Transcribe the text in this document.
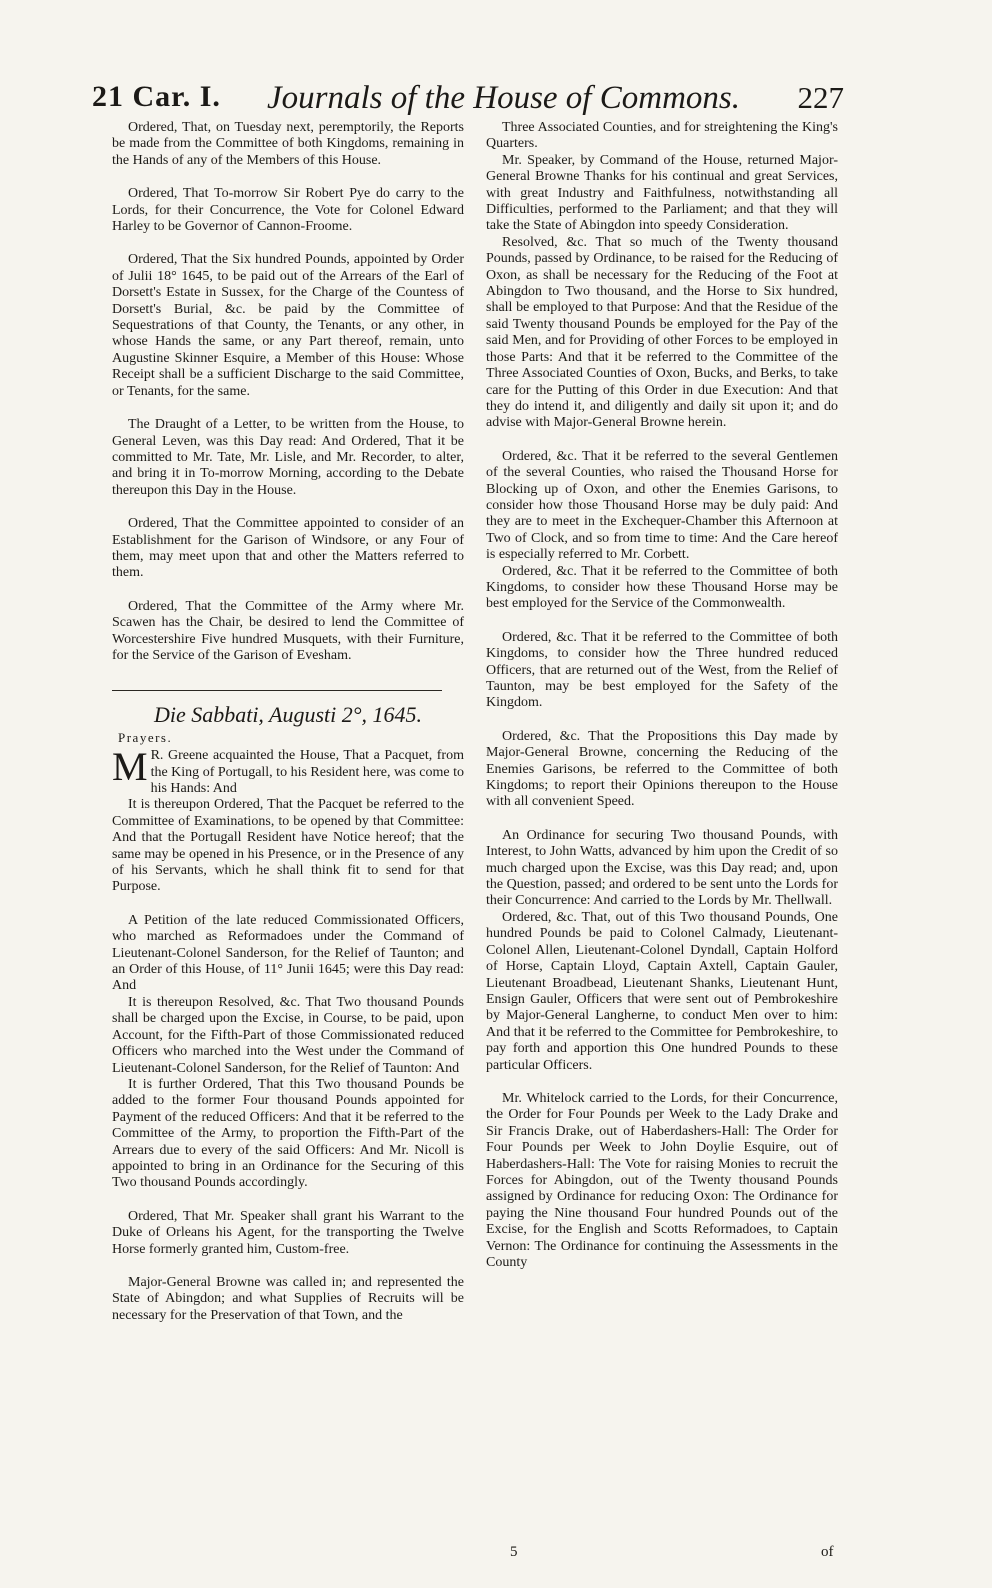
21 Car. I. Journals of the House of Commons. 227

Ordered, That, on Tuesday next, peremptorily, the Reports be made from the Committee of both Kingdoms, remaining in the Hands of any of the Members of this House.

Ordered, That To-morrow Sir Robert Pye do carry to the Lords, for their Concurrence, the Vote for Colonel Edward Harley to be Governor of Cannon-Froome.

Ordered, That the Six hundred Pounds, appointed by Order of Julii 18° 1645, to be paid out of the Arrears of the Earl of Dorsett's Estate in Sussex, for the Charge of the Countess of Dorsett's Burial, &c. be paid by the Committee of Sequestrations of that County, the Tenants, or any other, in whose Hands the same, or any Part thereof, remain, unto Augustine Skinner Esquire, a Member of this House: Whose Receipt shall be a sufficient Discharge to the said Committee, or Tenants, for the same.

The Draught of a Letter, to be written from the House, to General Leven, was this Day read: And Ordered, That it be committed to Mr. Tate, Mr. Lisle, and Mr. Recorder, to alter, and bring it in To-morrow Morning, according to the Debate thereupon this Day in the House.

Ordered, That the Committee appointed to consider of an Establishment for the Garison of Windsore, or any Four of them, may meet upon that and other the Matters referred to them.

Ordered, That the Committee of the Army where Mr. Scawen has the Chair, be desired to lend the Committee of Worcestershire Five hundred Musquets, with their Furniture, for the Service of the Garison of Evesham.

Die Sabbati, Augusti 2°, 1645.
Prayers.

M R. Greene acquainted the House, That a Pacquet, from the King of Portugall, to his Resident here, was come to his Hands: And

It is thereupon Ordered, That the Pacquet be referred to the Committee of Examinations, to be opened by that Committee: And that the Portugall Resident have Notice hereof; that the same may be opened in his Presence, or in the Presence of any of his Servants, which he shall think fit to send for that Purpose.

A Petition of the late reduced Commissionated Officers, who marched as Reformadoes under the Command of Lieutenant-Colonel Sanderson, for the Relief of Taunton; and an Order of this House, of 11° Junii 1645; were this Day read: And

It is thereupon Resolved, &c. That Two thousand Pounds shall be charged upon the Excise, in Course, to be paid, upon Account, for the Fifth-Part of those Commissionated reduced Officers who marched into the West under the Command of Lieutenant-Colonel Sanderson, for the Relief of Taunton: And

It is further Ordered, That this Two thousand Pounds be added to the former Four thousand Pounds appointed for Payment of the reduced Officers: And that it be referred to the Committee of the Army, to proportion the Fifth-Part of the Arrears due to every of the said Officers: And Mr. Nicoll is appointed to bring in an Ordinance for the Securing of this Two thousand Pounds accordingly.

Ordered, That Mr. Speaker shall grant his Warrant to the Duke of Orleans his Agent, for the transporting the Twelve Horse formerly granted him, Custom-free.

Major-General Browne was called in; and represented the State of Abingdon; and what Supplies of Recruits will be necessary for the Preservation of that Town, and the

Three Associated Counties, and for streightening the King's Quarters.

Mr. Speaker, by Command of the House, returned Major-General Browne Thanks for his continual and great Services, with great Industry and Faithfulness, notwithstanding all Difficulties, performed to the Parliament; and that they will take the State of Abingdon into speedy Consideration.

Resolved, &c. That so much of the Twenty thousand Pounds, passed by Ordinance, to be raised for the Reducing of Oxon, as shall be necessary for the Reducing of the Foot at Abingdon to Two thousand, and the Horse to Six hundred, shall be employed to that Purpose: And that the Residue of the said Twenty thousand Pounds be employed for the Pay of the said Men, and for Providing of other Forces to be employed in those Parts: And that it be referred to the Committee of the Three Associated Counties of Oxon, Bucks, and Berks, to take care for the Putting of this Order in due Execution: And that they do intend it, and diligently and daily sit upon it; and do advise with Major-General Browne herein.

Ordered, &c. That it be referred to the several Gentlemen of the several Counties, who raised the Thousand Horse for Blocking up of Oxon, and other the Enemies Garisons, to consider how those Thousand Horse may be duly paid: And they are to meet in the Exchequer-Chamber this Afternoon at Two of Clock, and so from time to time: And the Care hereof is especially referred to Mr. Corbett.

Ordered, &c. That it be referred to the Committee of both Kingdoms, to consider how these Thousand Horse may be best employed for the Service of the Commonwealth.

Ordered, &c. That it be referred to the Committee of both Kingdoms, to consider how the Three hundred reduced Officers, that are returned out of the West, from the Relief of Taunton, may be best employed for the Safety of the Kingdom.

Ordered, &c. That the Propositions this Day made by Major-General Browne, concerning the Reducing of the Enemies Garisons, be referred to the Committee of both Kingdoms; to report their Opinions thereupon to the House with all convenient Speed.

An Ordinance for securing Two thousand Pounds, with Interest, to John Watts, advanced by him upon the Credit of so much charged upon the Excise, was this Day read; and, upon the Question, passed; and ordered to be sent unto the Lords for their Concurrence: And carried to the Lords by Mr. Thellwall.

Ordered, &c. That, out of this Two thousand Pounds, One hundred Pounds be paid to Colonel Calmady, Lieutenant-Colonel Allen, Lieutenant-Colonel Dyndall, Captain Holford of Horse, Captain Lloyd, Captain Axtell, Captain Gauler, Lieutenant Broadbead, Lieutenant Shanks, Lieutenant Hunt, Ensign Gauler, Officers that were sent out of Pembrokeshire by Major-General Langherne, to conduct Men over to him: And that it be referred to the Committee for Pembrokeshire, to pay forth and apportion this One hundred Pounds to these particular Officers.

Mr. Whitelock carried to the Lords, for their Concurrence, the Order for Four Pounds per Week to the Lady Drake and Sir Francis Drake, out of Haberdashers-Hall: The Order for Four Pounds per Week to John Doylie Esquire, out of Haberdashers-Hall: The Vote for raising Monies to recruit the Forces for Abingdon, out of the Twenty thousand Pounds assigned by Ordinance for reducing Oxon: The Ordinance for paying the Nine thousand Four hundred Pounds out of the Excise, for the English and Scotts Reformadoes, to Captain Vernon: The Ordinance for continuing the Assessments in the County

5	of
